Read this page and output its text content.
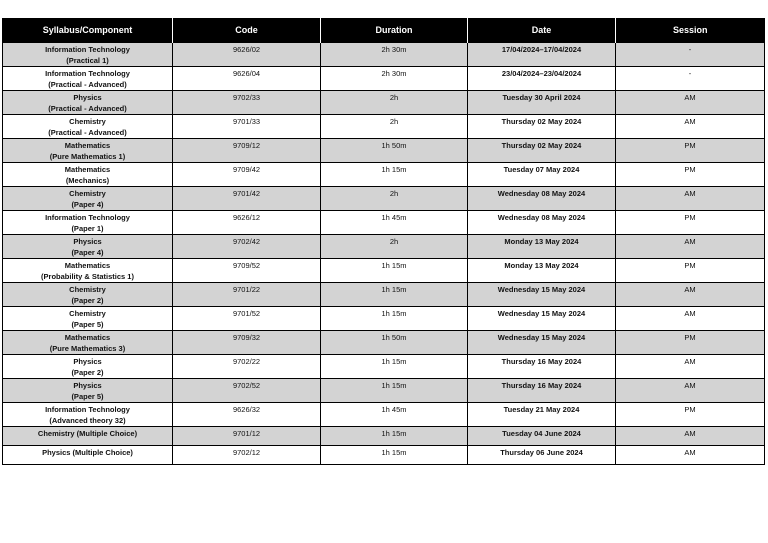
Syllabus/Component	Code	Duration	Date	Session

Information Technology
(Practical 1)	9626/02	2h 30m	17/04/2024–17/04/2024	-

Information Technology
(Practical - Advanced)	9626/04	2h 30m	23/04/2024–23/04/2024	-

Physics
(Practical - Advanced)	9702/33	2h	Tuesday 30 April 2024	AM

Chemistry
(Practical - Advanced)	9701/33	2h	Thursday 02 May 2024	AM

Mathematics
(Pure Mathematics 1)	9709/12	1h 50m	Thursday 02 May 2024	PM

Mathematics
(Mechanics)	9709/42	1h 15m	Tuesday 07 May 2024	PM

Chemistry
(Paper 4)	9701/42	2h	Wednesday 08 May 2024	AM

Information Technology
(Paper 1)	9626/12	1h 45m	Wednesday 08 May 2024	PM

Physics
(Paper 4)	9702/42	2h	Monday 13 May 2024	AM

Mathematics
(Probability & Statistics 1)	9709/52	1h 15m	Monday 13 May 2024	PM

Chemistry
(Paper 2)	9701/22	1h 15m	Wednesday 15 May 2024	AM

Chemistry
(Paper 5)	9701/52	1h 15m	Wednesday 15 May 2024	AM

Mathematics
(Pure Mathematics 3)	9709/32	1h 50m	Wednesday 15 May 2024	PM

Physics
(Paper 2)	9702/22	1h 15m	Thursday 16 May 2024	AM

Physics
(Paper 5)	9702/52	1h 15m	Thursday 16 May 2024	AM

Information Technology
(Advanced theory 32)	9626/32	1h 45m	Tuesday 21 May 2024	PM

Chemistry (Multiple Choice)	9701/12	1h 15m	Tuesday 04 June 2024	AM

Physics (Multiple Choice)	9702/12	1h 15m	Thursday 06 June 2024	AM
